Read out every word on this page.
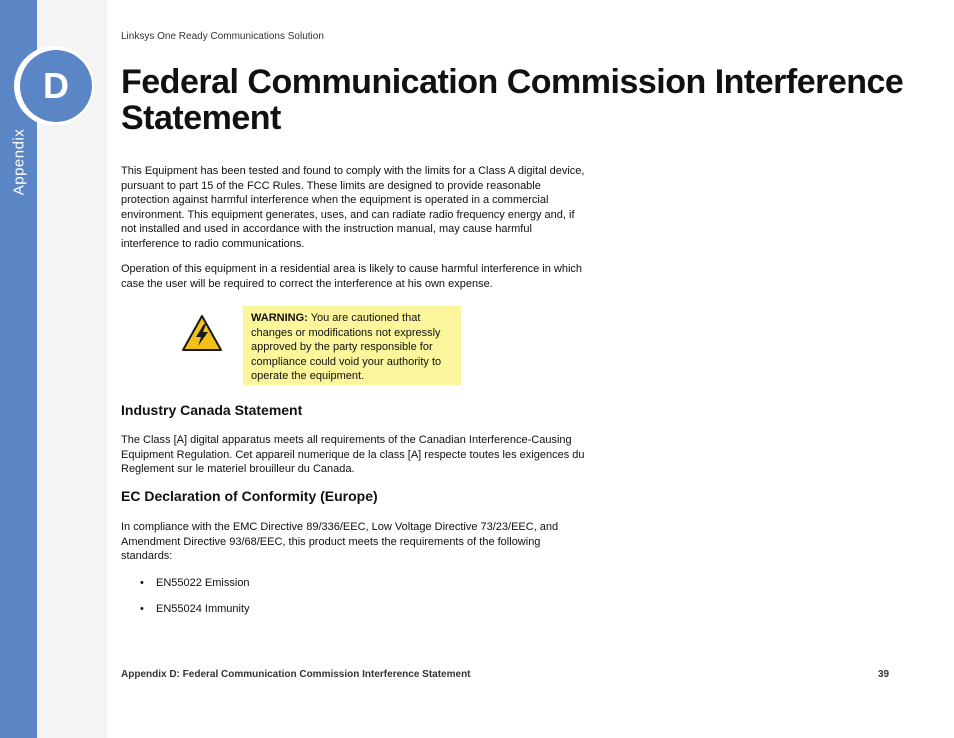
D
Appendix
Linksys One Ready Communications Solution
Federal Communication Commission Interference Statement

This Equipment has been tested and found to comply with the limits for a Class A digital device, pursuant to part 15 of the FCC Rules. These limits are designed to provide reasonable protection against harmful interference when the equipment is operated in a commercial environment. This equipment generates, uses, and can radiate radio frequency energy and, if not installed and used in accordance with the instruction manual, may cause harmful interference to radio communications.

Operation of this equipment in a residential area is likely to cause harmful interference in which case the user will be required to correct the interference at his own expense.

WARNING: You are cautioned that changes or modifications not expressly approved by the party responsible for compliance could void your authority to operate the equipment.
Industry Canada Statement

The Class [A] digital apparatus meets all requirements of the Canadian Interference-Causing Equipment Regulation. Cet appareil numerique de la class [A] respecte toutes les exigences du Reglement sur le materiel brouilleur du Canada.

EC Declaration of Conformity (Europe)

In compliance with the EMC Directive 89/336/EEC, Low Voltage Directive 73/23/EEC, and Amendment Directive 93/68/EEC, this product meets the requirements of the following standards:

• EN55022 Emission
• EN55024 Immunity
Appendix D: Federal Communication Commission Interference Statement	39
